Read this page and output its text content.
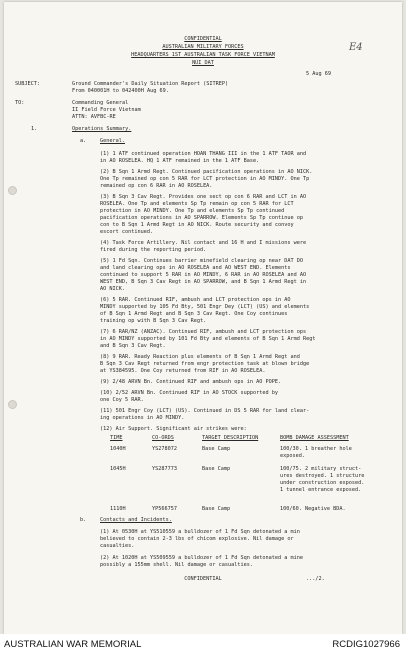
E4
CONFIDENTIAL
AUSTRALIAN MILITARY FORCES
HEADQUARTERS 1ST AUSTRALIAN TASK FORCE VIETNAM
NUI DAT
5 Aug 69
SUBJECT:	Ground Commander's Daily Situation Report (SITREP)
From 040001H to 042400H Aug 69.
TO:	Commanding General
II Field Force Vietnam
ATTN: AVFBC-RE
1.	Operations Summary.
a.	General.
(1) 1 ATF continued operation HOAN THANG III in the 1 ATF TAOR and
in AO ROSELEA. HQ 1 ATF remained in the 1 ATF Base.
(2) B Sqn 1 Armd Regt. Continued pacification operations in AO NICK.
One Tp remained op con 5 RAR for LCT protection in AO MINDY. One Tp
remained op con 6 RAR in AO ROSELEA.
(3) B Sqn 3 Cav Regt. Provides one sect op con 6 RAR and LCT in AO
ROSELEA. One Tp and elements Sp Tp remain op con 5 RAR for LCT
protection in AO MINDY. One Tp and elements Sp Tp continued
pacification operations in AO SPARROW. Elements Sp Tp continue op
con to B Sqn 1 Armd Regt in AO NICK. Route security and convoy
escort continued.
(4) Task Force Artillery. Nil contact and 16 H and I missions were
fired during the reporting period.
(5) 1 Fd Sqn. Continues barrier minefield clearing op near DAT DO
and land clearing ops in AO ROSELEA and AO WEST END. Elements
continued to support 5 RAR in AO MINDY, 6 RAR in AO ROSELEA and AO
WEST END, B Sqn 3 Cav Regt in AO SPARROW, and B Sqn 1 Armd Regt in
AO NICK.
(6) 5 RAR. Continued RIF, ambush and LCT protection ops in AO
MINDY supported by 105 Fd Bty, 501 Engr Dey (LCT) (US) and elements
of B Sqn 1 Armd Regt and B Sqn 3 Cav Regt. One Coy continues
training op with B Sqn 3 Cav Regt.
(7) 6 RAR/NZ (ANZAC). Continued RIF, ambush and LCT protection ops
in AO MINDY supported by 101 Fd Bty and elements of B Sqn 1 Armd Regt
and B Sqn 3 Cav Regt.
(8) 9 RAR. Ready Reaction plus elements of B Sqn 1 Armd Regt and
B Sqn 3 Cav Regt returned from engr protection task at blown bridge
at YS384595. One Coy returned from RIF in AO ROSELEA.
(9) 2/48 ARVN Bn. Continued RIF and ambush ops in AO POPE.
(10) 2/52 ARVN Bn. Continued RIF in AO STOCK supported by
one Coy 5 RAR.
(11) 501 Engr Coy (LCT) (US). Continued in DS 5 RAR for land clear-
ing operations in AO MINDY.
(12) Air Support. Significant air strikes were:
TIME	CO-ORDS	TARGET DESCRIPTION	BOMB DAMAGE ASSESSMENT
1040H	YS278072	Base Camp	100/30. 1 breather hole
exposed.
1045H	YS287773	Base Camp	100/75. 2 military struct-
ures destroyed. 1 structure
under construction exposed.
1 tunnel entrance exposed.
1110H	YP566757	Base Camp	100/60. Negative BDA.
b.	Contacts and Incidents.
(1) At 0530H at YS510559 a bulldozer of 1 Fd Sqn detonated a min
believed to contain 2-3 lbs of chicom explosive. Nil damage or
casualties.
(2) At 1020H at YS509559 a bulldozer of 1 Fd Sqn detonated a mine
possibly a 155mm shell. Nil damage or casualties.
CONFIDENTIAL	.../2.
AUSTRALIAN WAR MEMORIAL	RCDIG1027966
